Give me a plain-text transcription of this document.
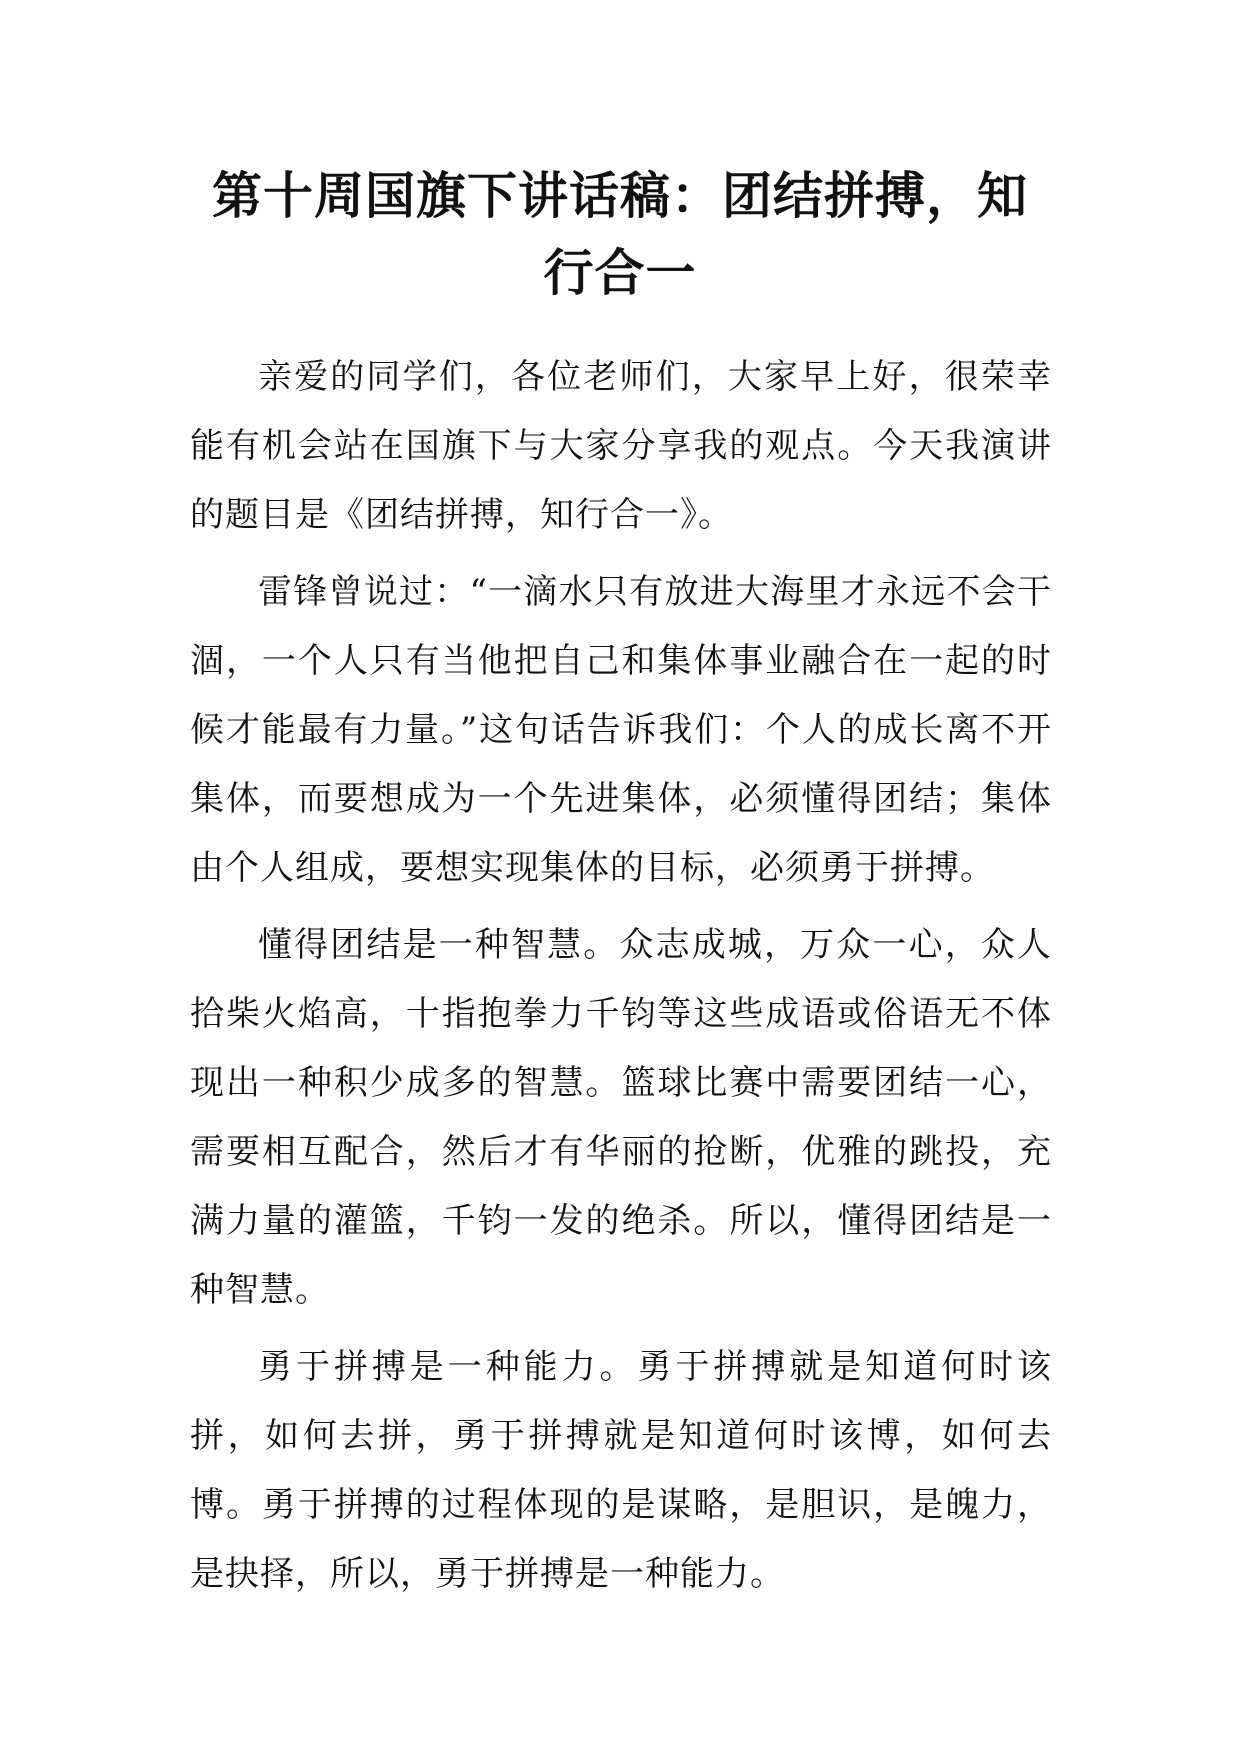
第十周国旗下讲话稿：团结拼搏，知行合一

亲爱的同学们，各位老师们，大家早上好，很荣幸能有机会站在国旗下与大家分享我的观点。今天我演讲的题目是《团结拼搏，知行合一》。

雷锋曾说过：“一滴水只有放进大海里才永远不会干涸，一个人只有当他把自己和集体事业融合在一起的时候才能最有力量。”这句话告诉我们：个人的成长离不开集体，而要想成为一个先进集体，必须懂得团结；集体由个人组成，要想实现集体的目标，必须勇于拼搏。

懂得团结是一种智慧。众志成城，万众一心，众人拾柴火焰高，十指抱拳力千钧等这些成语或俗语无不体现出一种积少成多的智慧。篮球比赛中需要团结一心，需要相互配合，然后才有华丽的抢断，优雅的跳投，充满力量的灌篮，千钧一发的绝杀。所以，懂得团结是一种智慧。

勇于拼搏是一种能力。勇于拼搏就是知道何时该拼，如何去拼，勇于拼搏就是知道何时该博，如何去博。勇于拼搏的过程体现的是谋略，是胆识，是魄力，是抉择，所以，勇于拼搏是一种能力。
